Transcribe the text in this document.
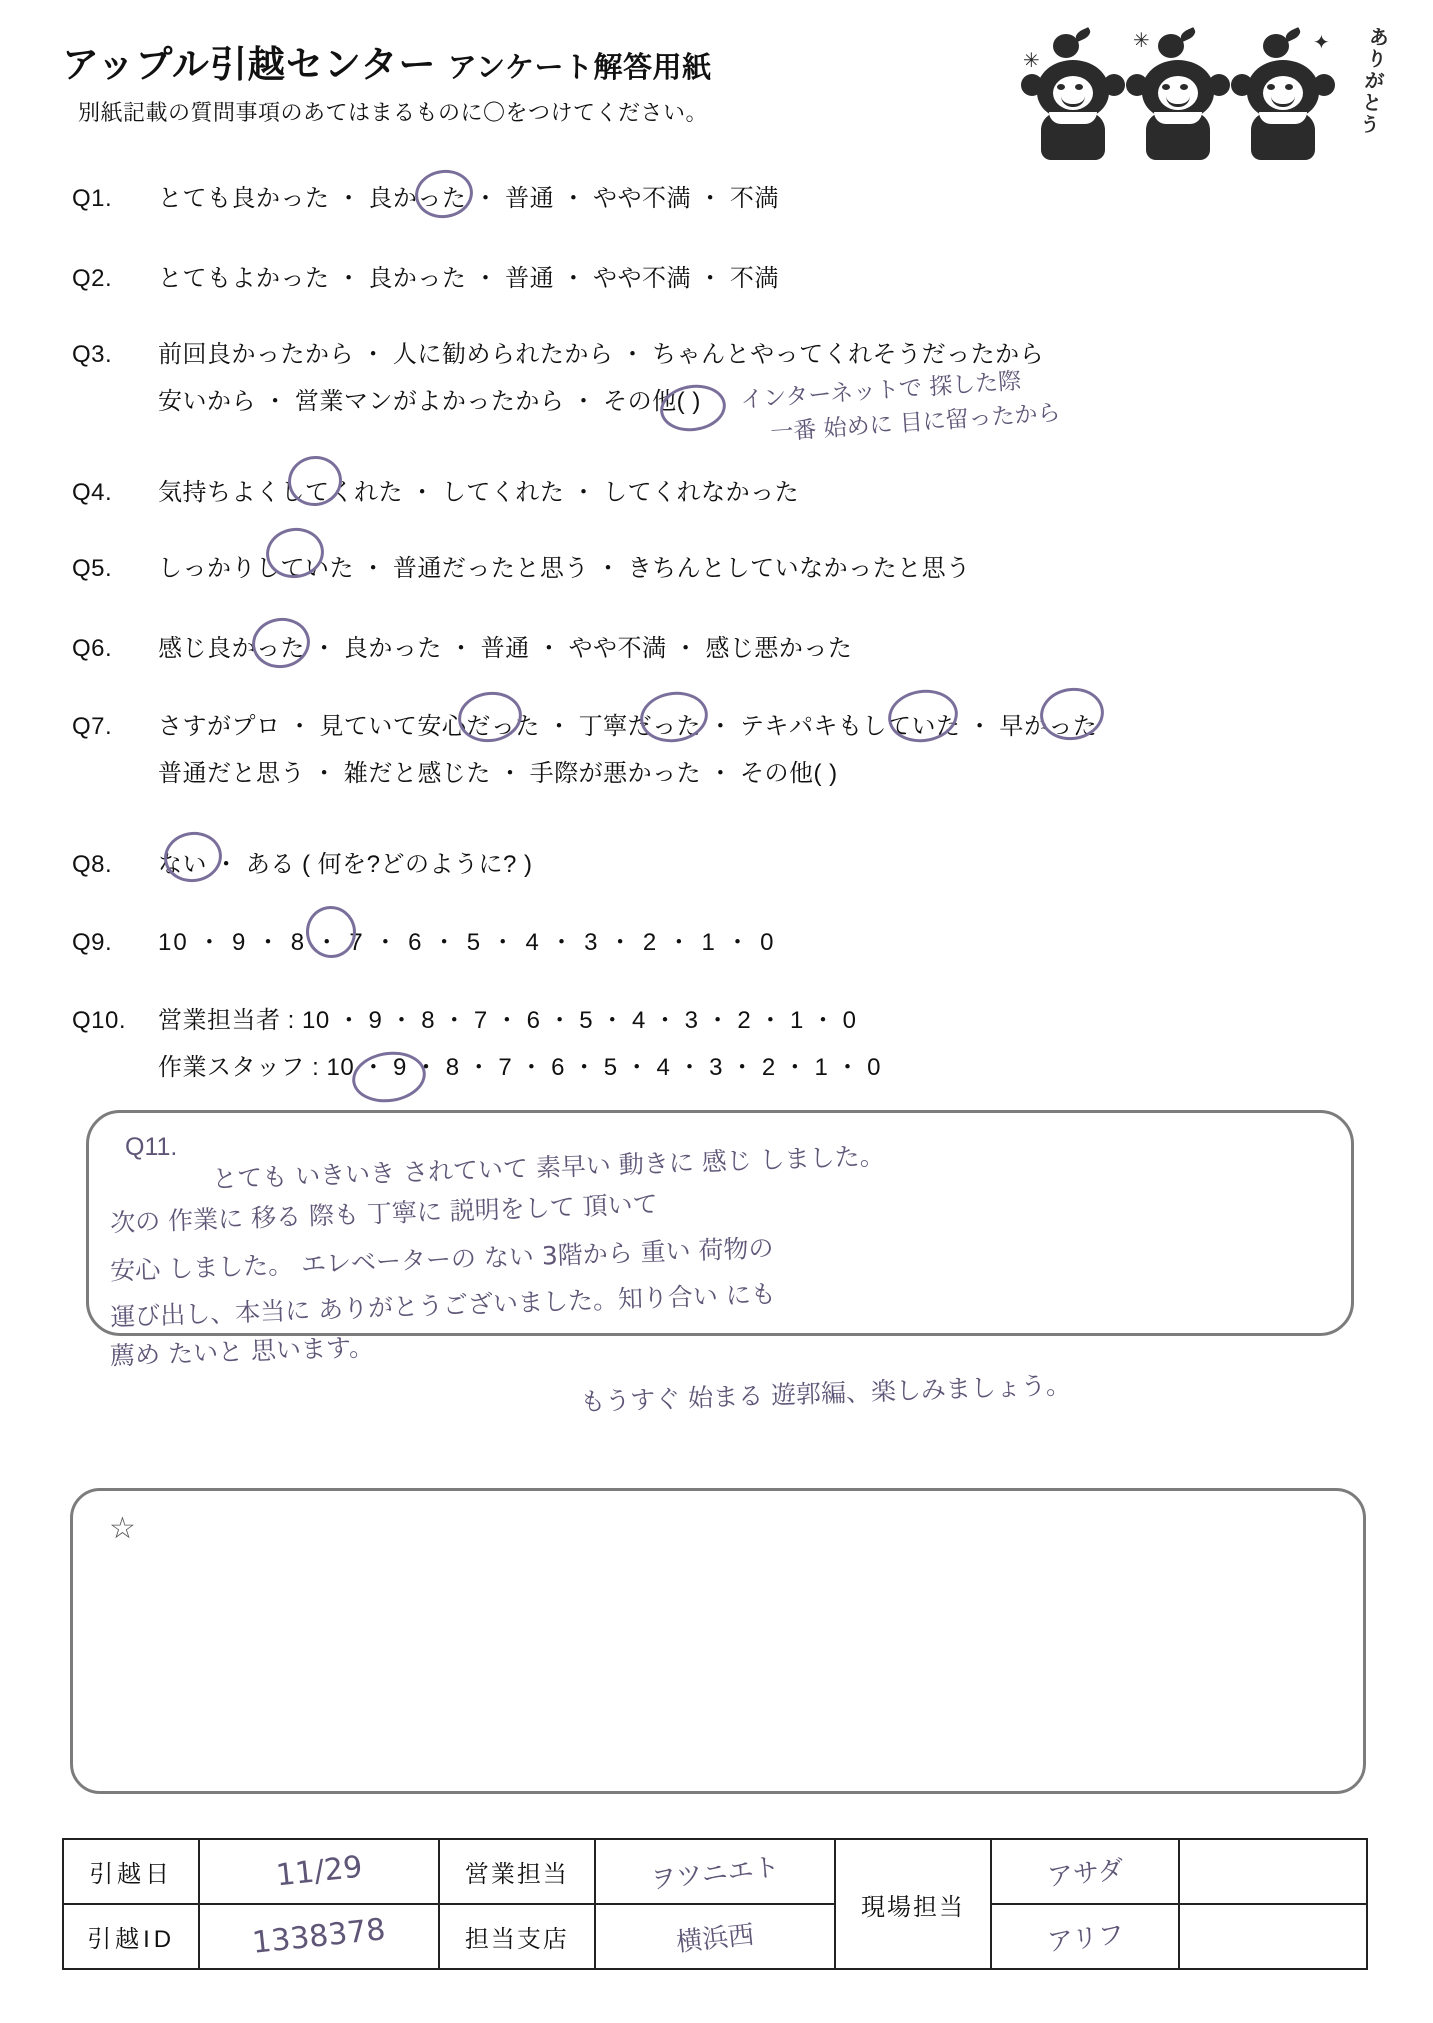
アップル引越センター アンケート解答用紙
別紙記載の質問事項のあてはまるものに〇をつけてください。
✳
✳	✦ ありがとう
Q1. とても良かった ・ 良かった ・ 普通 ・ やや不満 ・ 不満
Q2. とてもよかった ・ 良かった ・ 普通 ・ やや不満 ・ 不満
Q3. 前回良かったから ・ 人に勧められたから ・ ちゃんとやってくれそうだったから
安いから ・ 営業マンがよかったから ・ その他( )
Q4. 気持ちよくしてくれた ・ してくれた ・ してくれなかった
Q5. しっかりしていた ・ 普通だったと思う ・ きちんとしていなかったと思う
Q6. 感じ良かった ・ 良かった ・ 普通 ・ やや不満 ・ 感じ悪かった
Q7. さすがプロ ・ 見ていて安心だった ・ 丁寧だった ・ テキパキもしていた ・ 早かった
普通だと思う ・ 雑だと感じた ・ 手際が悪かった ・ その他( )
Q8. ない ・ ある ( 何を?どのように? )
Q9. 10 ・ 9 ・ 8 ・ 7 ・ 6 ・ 5 ・ 4 ・ 3 ・ 2 ・ 1 ・ 0
Q10. 営業担当者 : 10 ・ 9 ・ 8 ・ 7 ・ 6 ・ 5 ・ 4 ・ 3 ・ 2 ・ 1 ・ 0
作業スタッフ : 10 ・ 9 ・ 8 ・ 7 ・ 6 ・ 5 ・ 4 ・ 3 ・ 2 ・ 1 ・ 0
インターネットで 探した際
一番 始めに 目に留ったから
Q11. とても いきいき されていて 素早い 動きに 感じ しました。
次の 作業に 移る 際も 丁寧に 説明をして 頂いて
安心 しました。 エレベーターの ない 3階から 重い 荷物の
運び出し、本当に ありがとうございました。知り合い にも
薦め たいと 思います。
もうすぐ 始まる 遊郭編、楽しみましょう。
☆
引越日	11/29	営業担当	ヲツニエト	現場担当	アサダ	
引越ID	1338378	担当支店	横浜西		アリフ	
